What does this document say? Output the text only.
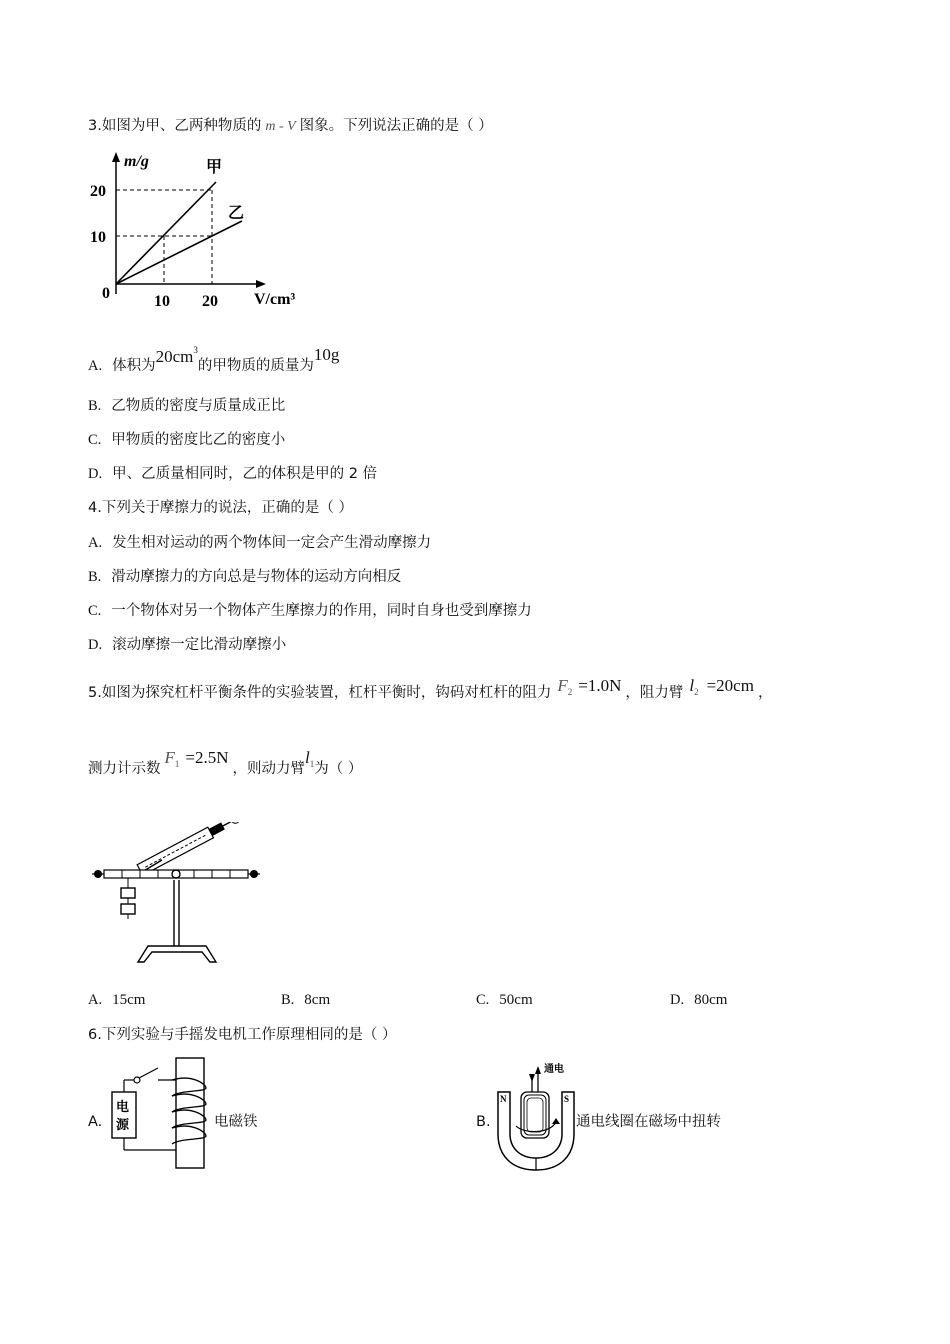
3.如图为甲、乙两种物质的 m - V 图象。下列说法正确的是（ ）
m/g
20
10
0	10 20 V/cm³
甲
乙
A. 体积为$20cm^3$的甲物质的质量为10g
B. 乙物质的密度与质量成正比
C. 甲物质的密度比乙的密度小
D. 甲、乙质量相同时，乙的体积是甲的 2 倍
4.下列关于摩擦力的说法，正确的是（ ）
A. 发生相对运动的两个物体间一定会产生滑动摩擦力
B. 滑动摩擦力的方向总是与物体的运动方向相反
C. 一个物体对另一个物体产生摩擦力的作用，同时自身也受到摩擦力
D. 滚动摩擦一定比滑动摩擦小
5.如图为探究杠杆平衡条件的实验装置，杠杆平衡时，钩码对杠杆的阻力 $F_2 =1.0N$ ，阻力臂 $l_2 =20cm$ ，
测力计示数$F_1 =2.5N$，则动力臂$l_1$为（ ）
A. 15cm	B. 8cm	C. 50cm	D. 80cm
6.下列实验与手摇发电机工作原理相同的是（ ）
A.
电
源	电磁铁	B.
N	S
通电
通电线圈在磁场中扭转
